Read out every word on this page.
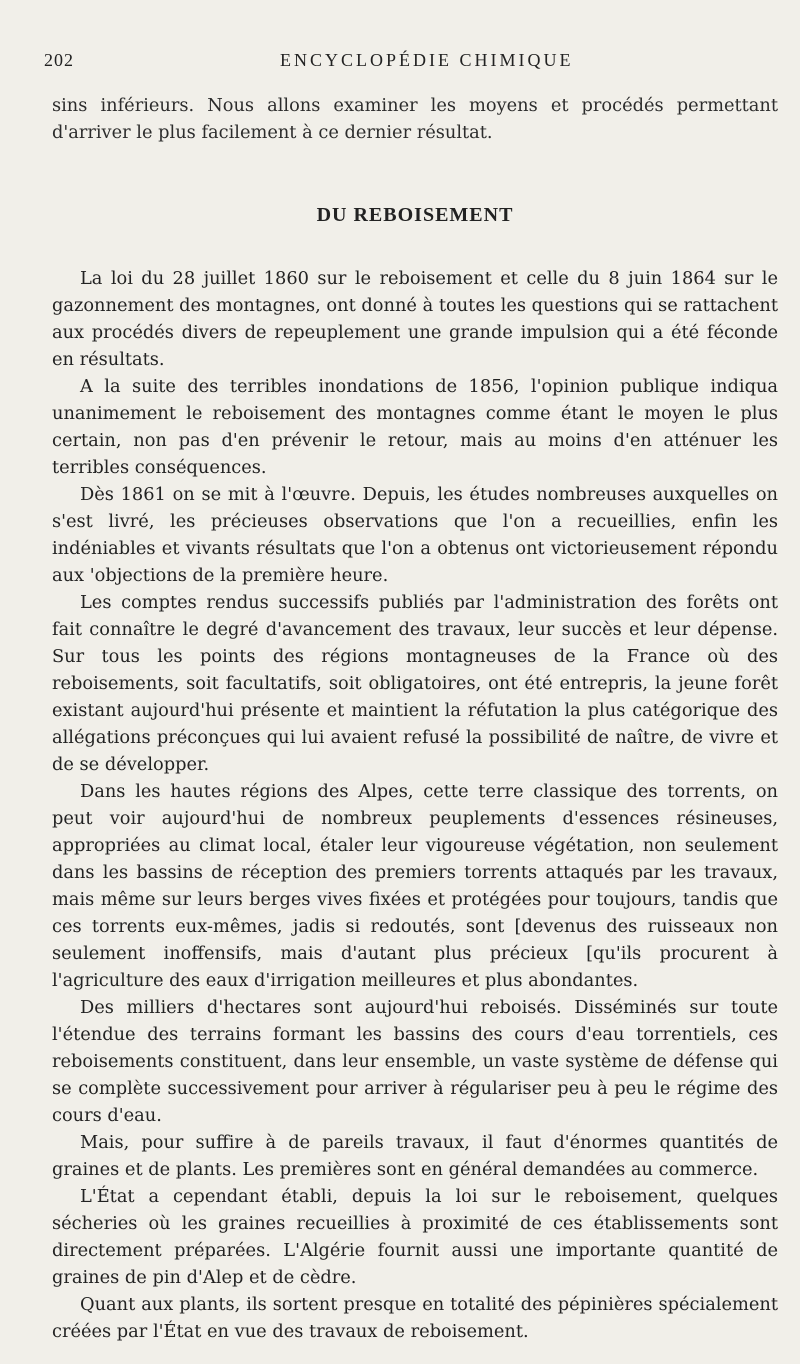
202	ENCYCLOPÉDIE CHIMIQUE

sins inférieurs. Nous allons examiner les moyens et procédés permettant d'arriver le plus facilement à ce dernier résultat.

DU REBOISEMENT

La loi du 28 juillet 1860 sur le reboisement et celle du 8 juin 1864 sur le gazonnement des montagnes, ont donné à toutes les questions qui se rattachent aux procédés divers de repeuplement une grande impulsion qui a été féconde en résultats.

A la suite des terribles inondations de 1856, l'opinion publique indiqua unanimement le reboisement des montagnes comme étant le moyen le plus certain, non pas d'en prévenir le retour, mais au moins d'en atténuer les terribles conséquences.

Dès 1861 on se mit à l'œuvre. Depuis, les études nombreuses auxquelles on s'est livré, les précieuses observations que l'on a recueillies, enfin les indéniables et vivants résultats que l'on a obtenus ont victorieusement répondu aux 'objections de la première heure.

Les comptes rendus successifs publiés par l'administration des forêts ont fait connaître le degré d'avancement des travaux, leur succès et leur dépense. Sur tous les points des régions montagneuses de la France où des reboisements, soit facultatifs, soit obligatoires, ont été entrepris, la jeune forêt existant aujourd'hui présente et maintient la réfutation la plus catégorique des allégations préconçues qui lui avaient refusé la possibilité de naître, de vivre et de se développer.

Dans les hautes régions des Alpes, cette terre classique des torrents, on peut voir aujourd'hui de nombreux peuplements d'essences résineuses, appropriées au climat local, étaler leur vigoureuse végétation, non seulement dans les bassins de réception des premiers torrents attaqués par les travaux, mais même sur leurs berges vives fixées et protégées pour toujours, tandis que ces torrents eux-mêmes, jadis si redoutés, sont [devenus des ruisseaux non seulement inoffensifs, mais d'autant plus précieux [qu'ils procurent à l'agriculture des eaux d'irrigation meilleures et plus abondantes.

Des milliers d'hectares sont aujourd'hui reboisés. Disséminés sur toute l'étendue des terrains formant les bassins des cours d'eau torrentiels, ces reboisements constituent, dans leur ensemble, un vaste système de défense qui se complète successivement pour arriver à régulariser peu à peu le régime des cours d'eau.

Mais, pour suffire à de pareils travaux, il faut d'énormes quantités de graines et de plants. Les premières sont en général demandées au commerce.

L'État a cependant établi, depuis la loi sur le reboisement, quelques sécheries où les graines recueillies à proximité de ces établissements sont directement préparées. L'Algérie fournit aussi une importante quantité de graines de pin d'Alep et de cèdre.

Quant aux plants, ils sortent presque en totalité des pépinières spécialement créées par l'État en vue des travaux de reboisement.
